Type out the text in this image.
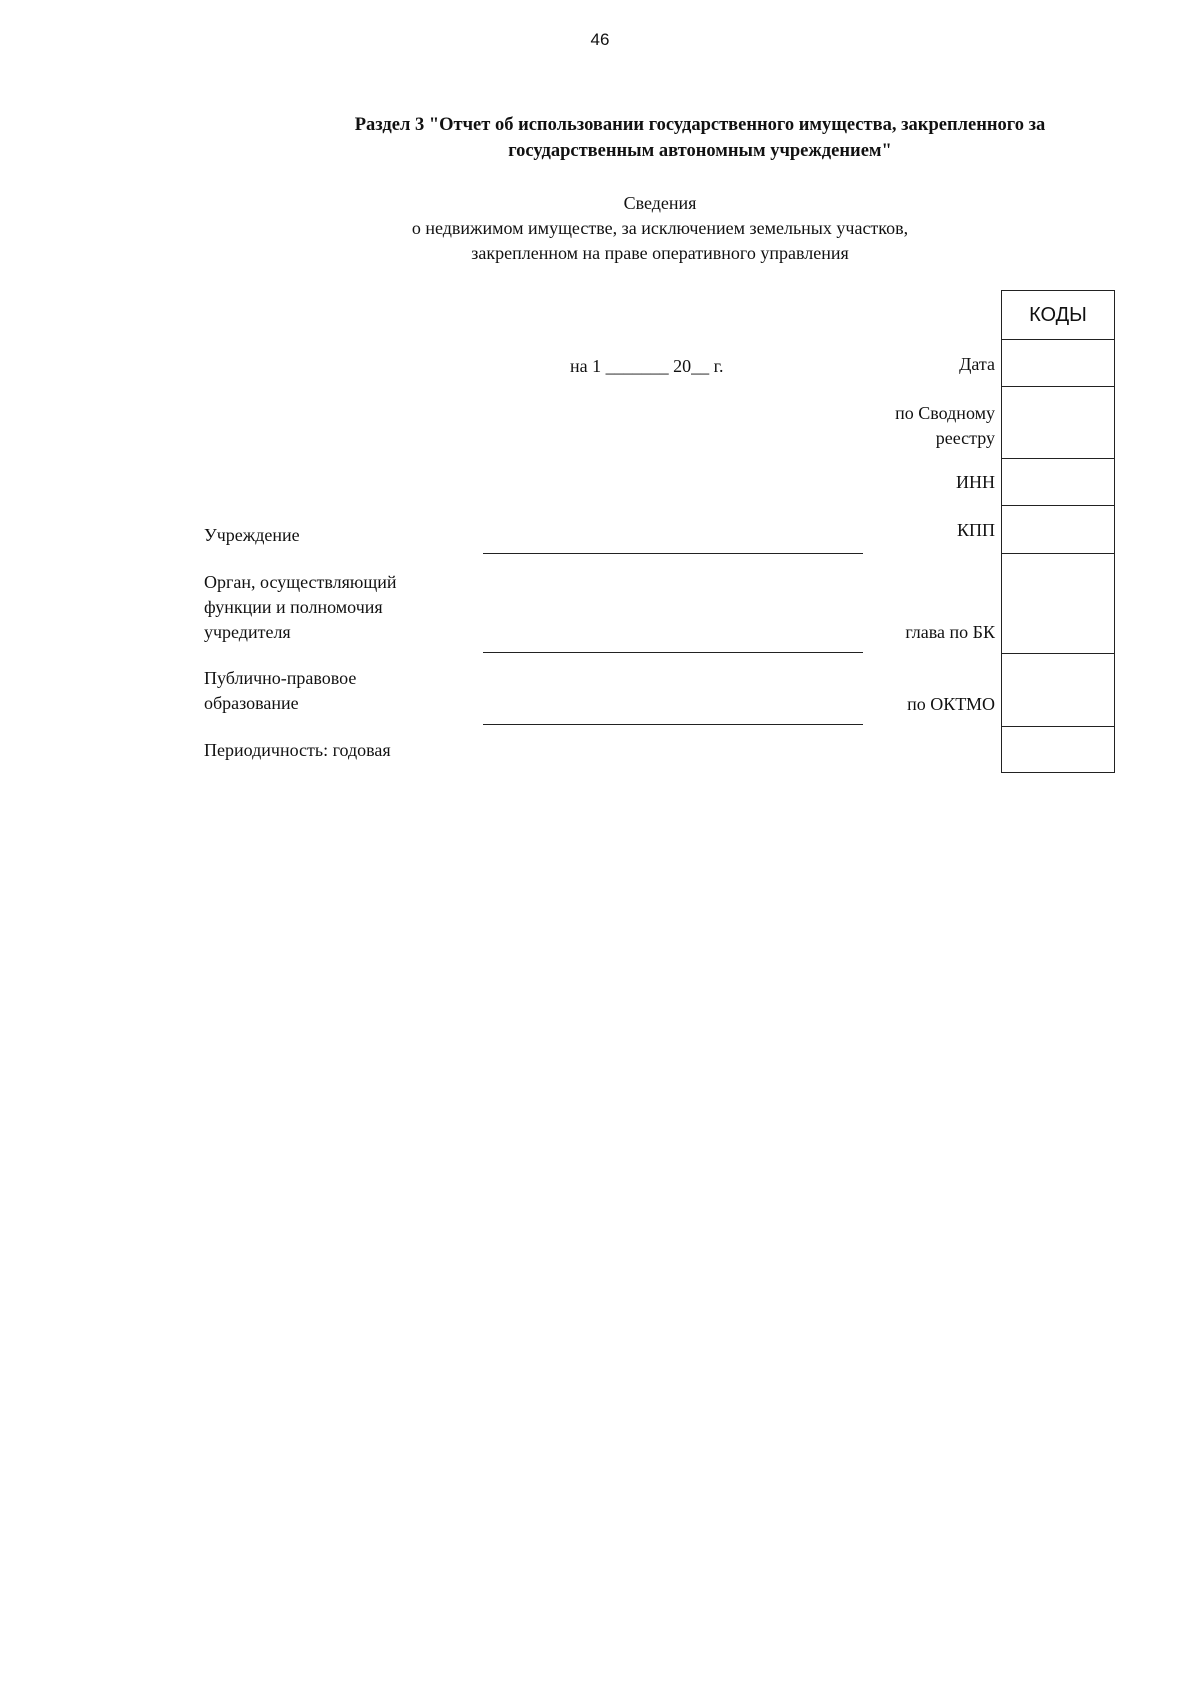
46
Раздел 3 "Отчет об использовании государственного имущества, закрепленного за
государственным автономным учреждением"
Сведения
о недвижимом имуществе, за исключением земельных участков,
закрепленном на праве оперативного управления
на 1 _______ 20__ г.
Учреждение
Орган, осуществляющий
функции и полномочия
учредителя
Публично-правовое
образование
Периодичность: годовая
Дата
по Сводному
реестру
ИНН
КПП
глава по БК
по ОКТМО
КОДЫ
